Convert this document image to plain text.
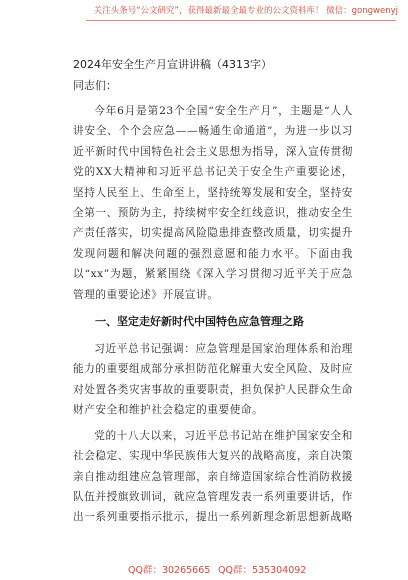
关注头条号“公文研究”，获得最新最全最专业的公文资料库！ 微信：gongwenyj
2024年安全生产月宣讲讲稿（4313字）
同志们：

今年6月是第23个全国“安全生产月”，主题是“人人讲安全、个个会应急——畅通生命通道”，为进一步以习近平新时代中国特色社会主义思想为指导，深入宣传贯彻党的XX大精神和习近平总书记关于安全生产重要论述，坚持人民至上、生命至上，坚持统筹发展和安全，坚持安全第一、预防为主，持续树牢安全红线意识，推动安全生产责任落实，切实提高风险隐患排查整改质量，切实提升发现问题和解决问题的强烈意愿和能力水平。下面由我以“xx”为题，紧紧围绕《深入学习贯彻习近平关于应急管理的重要论述》开展宣讲。

一、坚定走好新时代中国特色应急管理之路

习近平总书记强调：应急管理是国家治理体系和治理能力的重要组成部分承担防范化解重大安全风险、及时应对处置各类灾害事故的重要职责，担负保护人民群众生命财产安全和维护社会稳定的重要使命。

党的十八大以来，习近平总书记站在维护国家安全和社会稳定、实现中华民族伟大复兴的战略高度，亲自决策亲自推动组建应急管理部，亲自缔造国家综合性消防救援队伍并授旗致训词，就应急管理发表一系列重要讲话，作出一系列重要指示批示，提出一系列新理念新思想新战略

QQ群：30265665 QQ群：535304092
